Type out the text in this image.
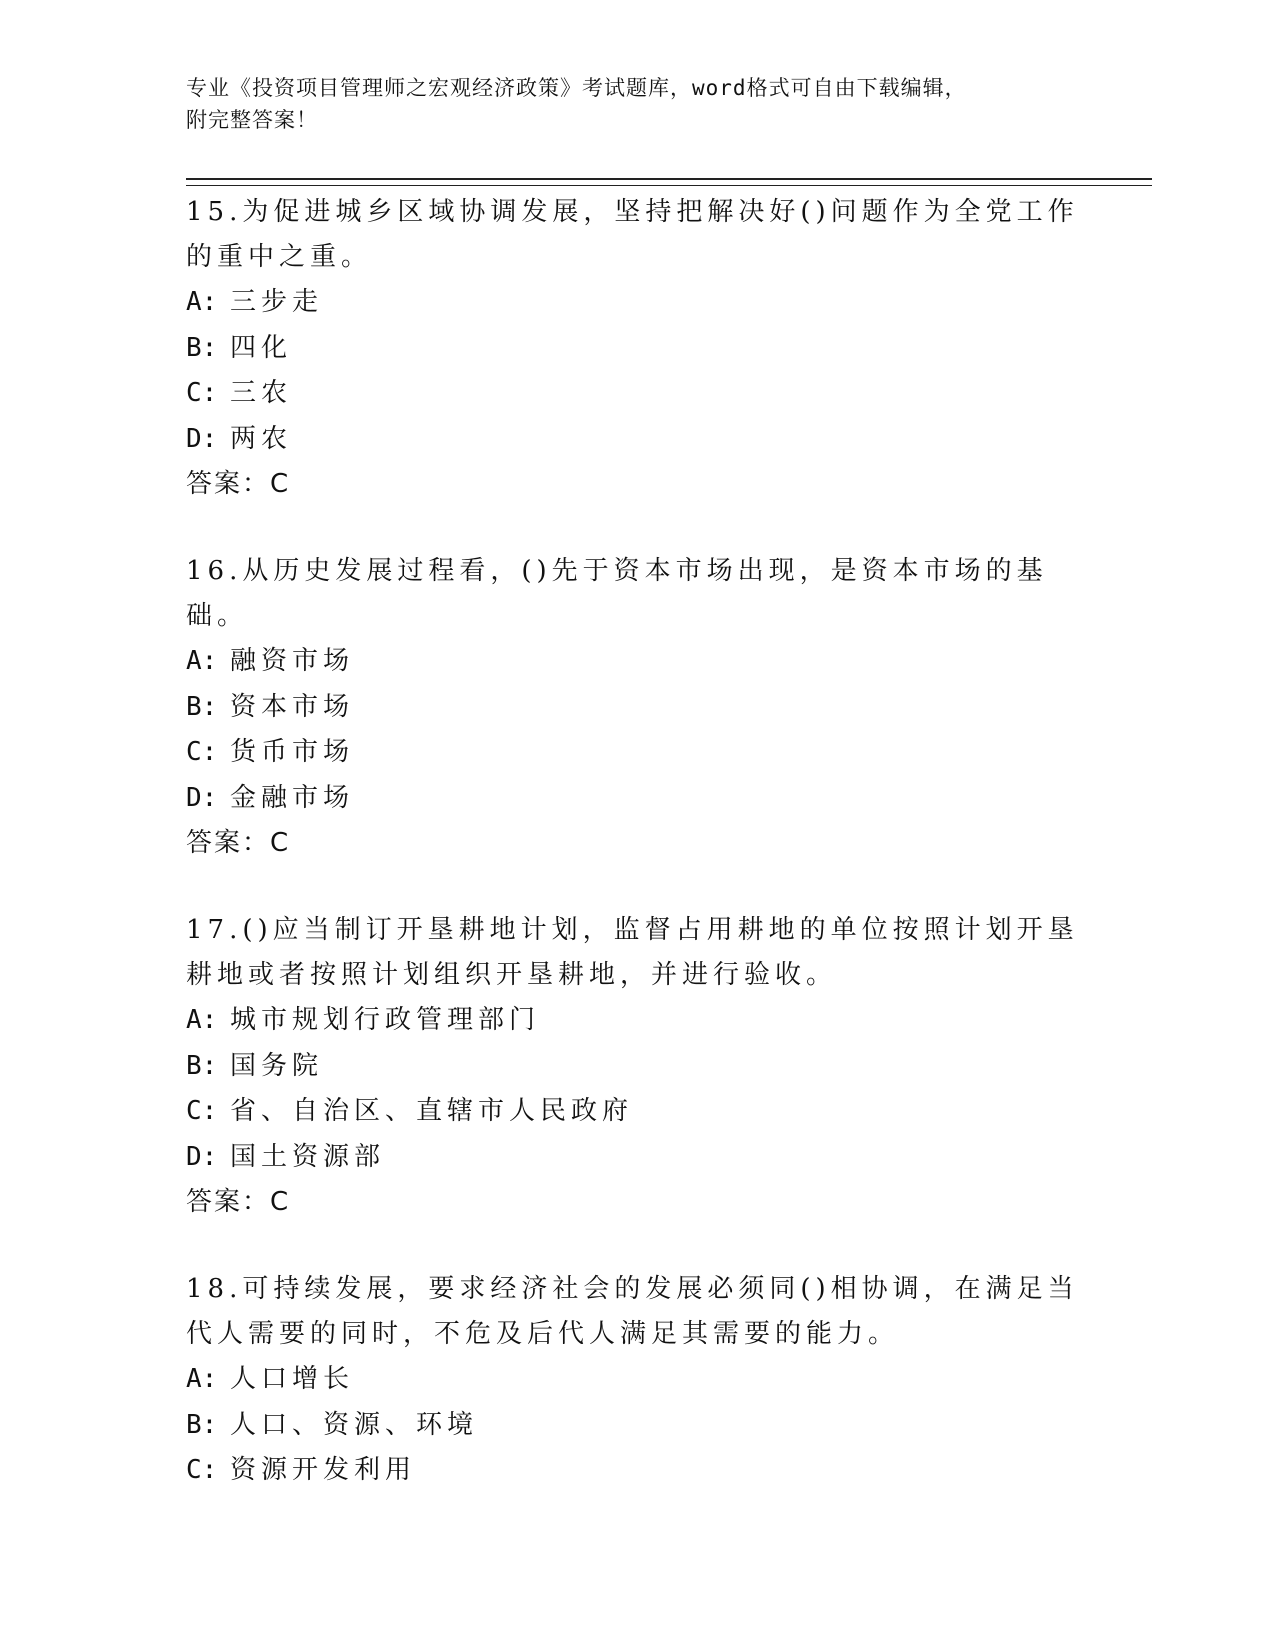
专业《投资项目管理师之宏观经济政策》考试题库，word格式可自由下载编辑，
附完整答案！
15.为促进城乡区域协调发展，坚持把解决好()问题作为全党工作的重中之重。
A: 三步走
B: 四化
C: 三农
D: 两农
答案：C
16.从历史发展过程看，()先于资本市场出现，是资本市场的基础。
A: 融资市场
B: 资本市场
C: 货币市场
D: 金融市场
答案：C
17.()应当制订开垦耕地计划，监督占用耕地的单位按照计划开垦耕地或者按照计划组织开垦耕地，并进行验收。
A: 城市规划行政管理部门
B: 国务院
C: 省、自治区、直辖市人民政府
D: 国土资源部
答案：C
18.可持续发展，要求经济社会的发展必须同()相协调，在满足当代人需要的同时，不危及后代人满足其需要的能力。
A: 人口增长
B: 人口、资源、环境
C: 资源开发利用
